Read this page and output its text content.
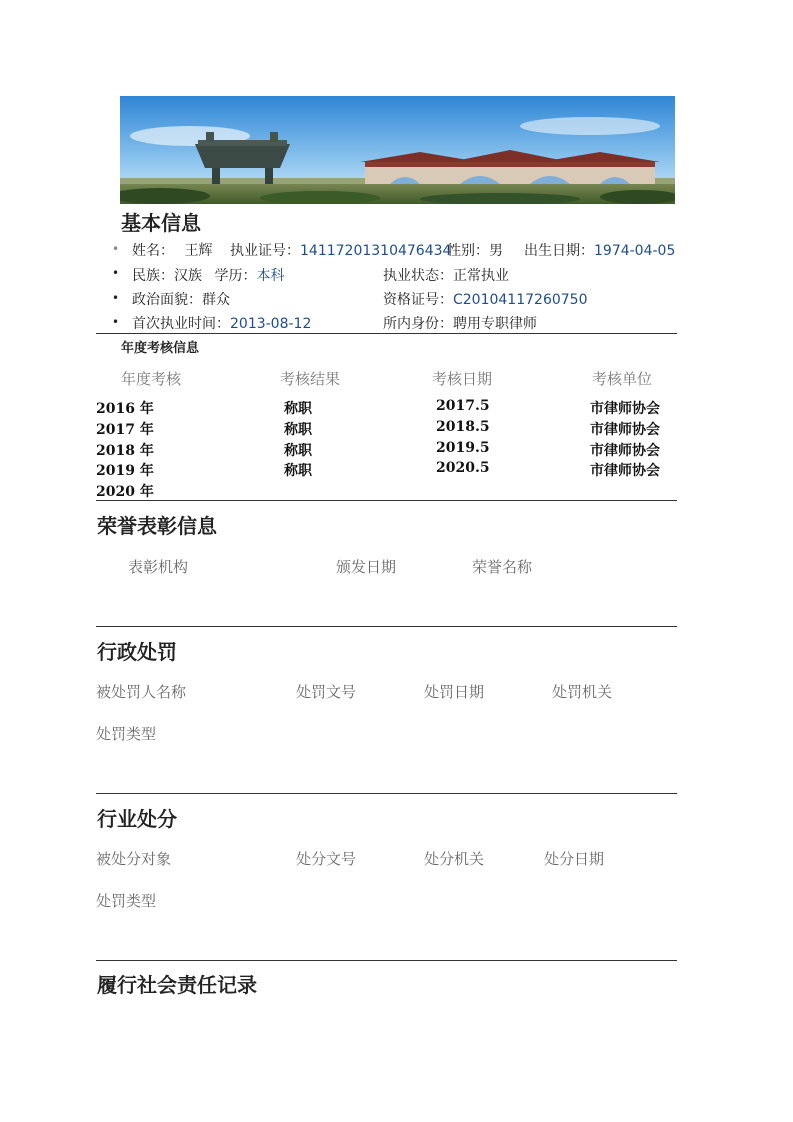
基本信息
• 姓名： 王辉 执业证号：14117201310476434
性别：男 出生日期：1974-04-05
• 民族：汉族 学历：本科	执业状态：正常执业
• 政治面貌：群众	资格证号：C20104117260750
• 首次执业时间：2013-08-12	所内身份：聘用专职律师
年度考核信息
年度考核	考核结果	考核日期	考核单位
2016 年	称职	2017.5	市律师协会
2017 年	称职	2018.5	市律师协会
2018 年	称职	2019.5	市律师协会
2019 年	称职	2020.5	市律师协会
2020 年
荣誉表彰信息
表彰机构	颁发日期	荣誉名称
行政处罚
被处罚人名称	处罚文号	处罚日期	处罚机关
处罚类型
行业处分
被处分对象	处分文号	处分机关	处分日期
处罚类型
履行社会责任记录
